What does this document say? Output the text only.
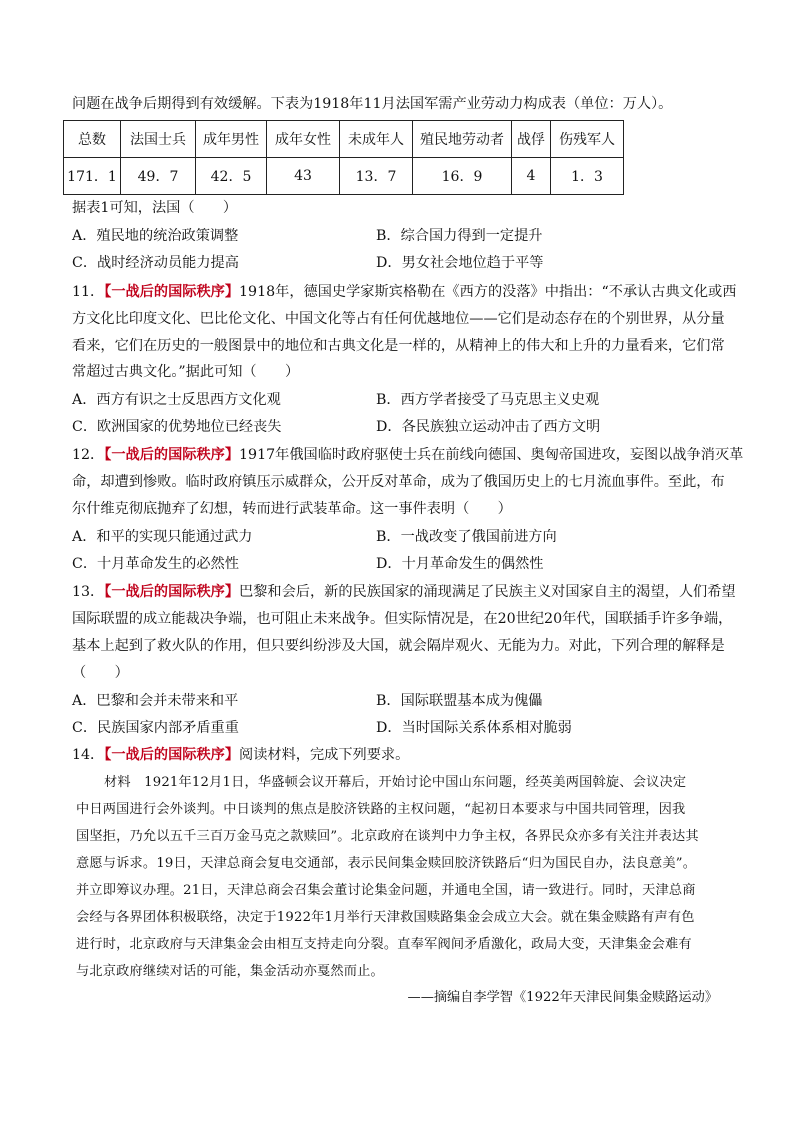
问题在战争后期得到有效缓解。下表为1918年11月法国军需产业劳动力构成表（单位：万人）。
总数	法国士兵	成年男性	成年女性	未成年人	殖民地劳动者	战俘	伤残军人
171．1	49．7	42．5	43	13．7	16．9	4	1．3
据表1可知，法国（　　）
A．殖民地的统治政策调整	B．综合国力得到一定提升
C．战时经济动员能力提高	D．男女社会地位趋于平等
11．【一战后的国际秩序】1918年，德国史学家斯宾格勒在《西方的没落》中指出：“不承认古典文化或西
方文化比印度文化、巴比伦文化、中国文化等占有任何优越地位——它们是动态存在的个别世界，从分量
看来，它们在历史的一般图景中的地位和古典文化是一样的，从精神上的伟大和上升的力量看来，它们常
常超过古典文化。”据此可知（　　）
A．西方有识之士反思西方文化观	B．西方学者接受了马克思主义史观
C．欧洲国家的优势地位已经丧失	D．各民族独立运动冲击了西方文明
12．【一战后的国际秩序】1917年俄国临时政府驱使士兵在前线向德国、奥匈帝国进攻，妄图以战争消灭革
命，却遭到惨败。临时政府镇压示威群众，公开反对革命，成为了俄国历史上的七月流血事件。至此，布
尔什维克彻底抛弃了幻想，转而进行武装革命。这一事件表明（　　）
A．和平的实现只能通过武力	B．一战改变了俄国前进方向
C．十月革命发生的必然性	D．十月革命发生的偶然性
13．【一战后的国际秩序】巴黎和会后，新的民族国家的涌现满足了民族主义对国家自主的渴望，人们希望
国际联盟的成立能裁决争端，也可阻止未来战争。但实际情况是，在20世纪20年代，国联插手许多争端，
基本上起到了救火队的作用，但只要纠纷涉及大国，就会隔岸观火、无能为力。对此，下列合理的解释是
（　　）
A．巴黎和会并未带来和平	B．国际联盟基本成为傀儡
C．民族国家内部矛盾重重	D．当时国际关系体系相对脆弱
14．【一战后的国际秩序】阅读材料，完成下列要求。
材料　1921年12月1日，华盛顿会议开幕后，开始讨论中国山东问题，经英美两国斡旋、会议决定
中日两国进行会外谈判。中日谈判的焦点是胶济铁路的主权问题，“起初日本要求与中国共同管理，因我
国坚拒，乃允以五千三百万金马克之款赎回”。北京政府在谈判中力争主权，各界民众亦多有关注并表达其
意愿与诉求。19日，天津总商会复电交通部，表示民间集金赎回胶济铁路后“归为国民自办，法良意美”。
并立即筹议办理。21日，天津总商会召集会董讨论集金问题，并通电全国，请一致进行。同时，天津总商
会经与各界团体积极联络，决定于1922年1月举行天津救国赎路集金会成立大会。就在集金赎路有声有色
进行时，北京政府与天津集金会由相互支持走向分裂。直奉军阀间矛盾激化，政局大变，天津集金会难有
与北京政府继续对话的可能，集金活动亦戛然而止。
——摘编自李学智《1922年天津民间集金赎路运动》
